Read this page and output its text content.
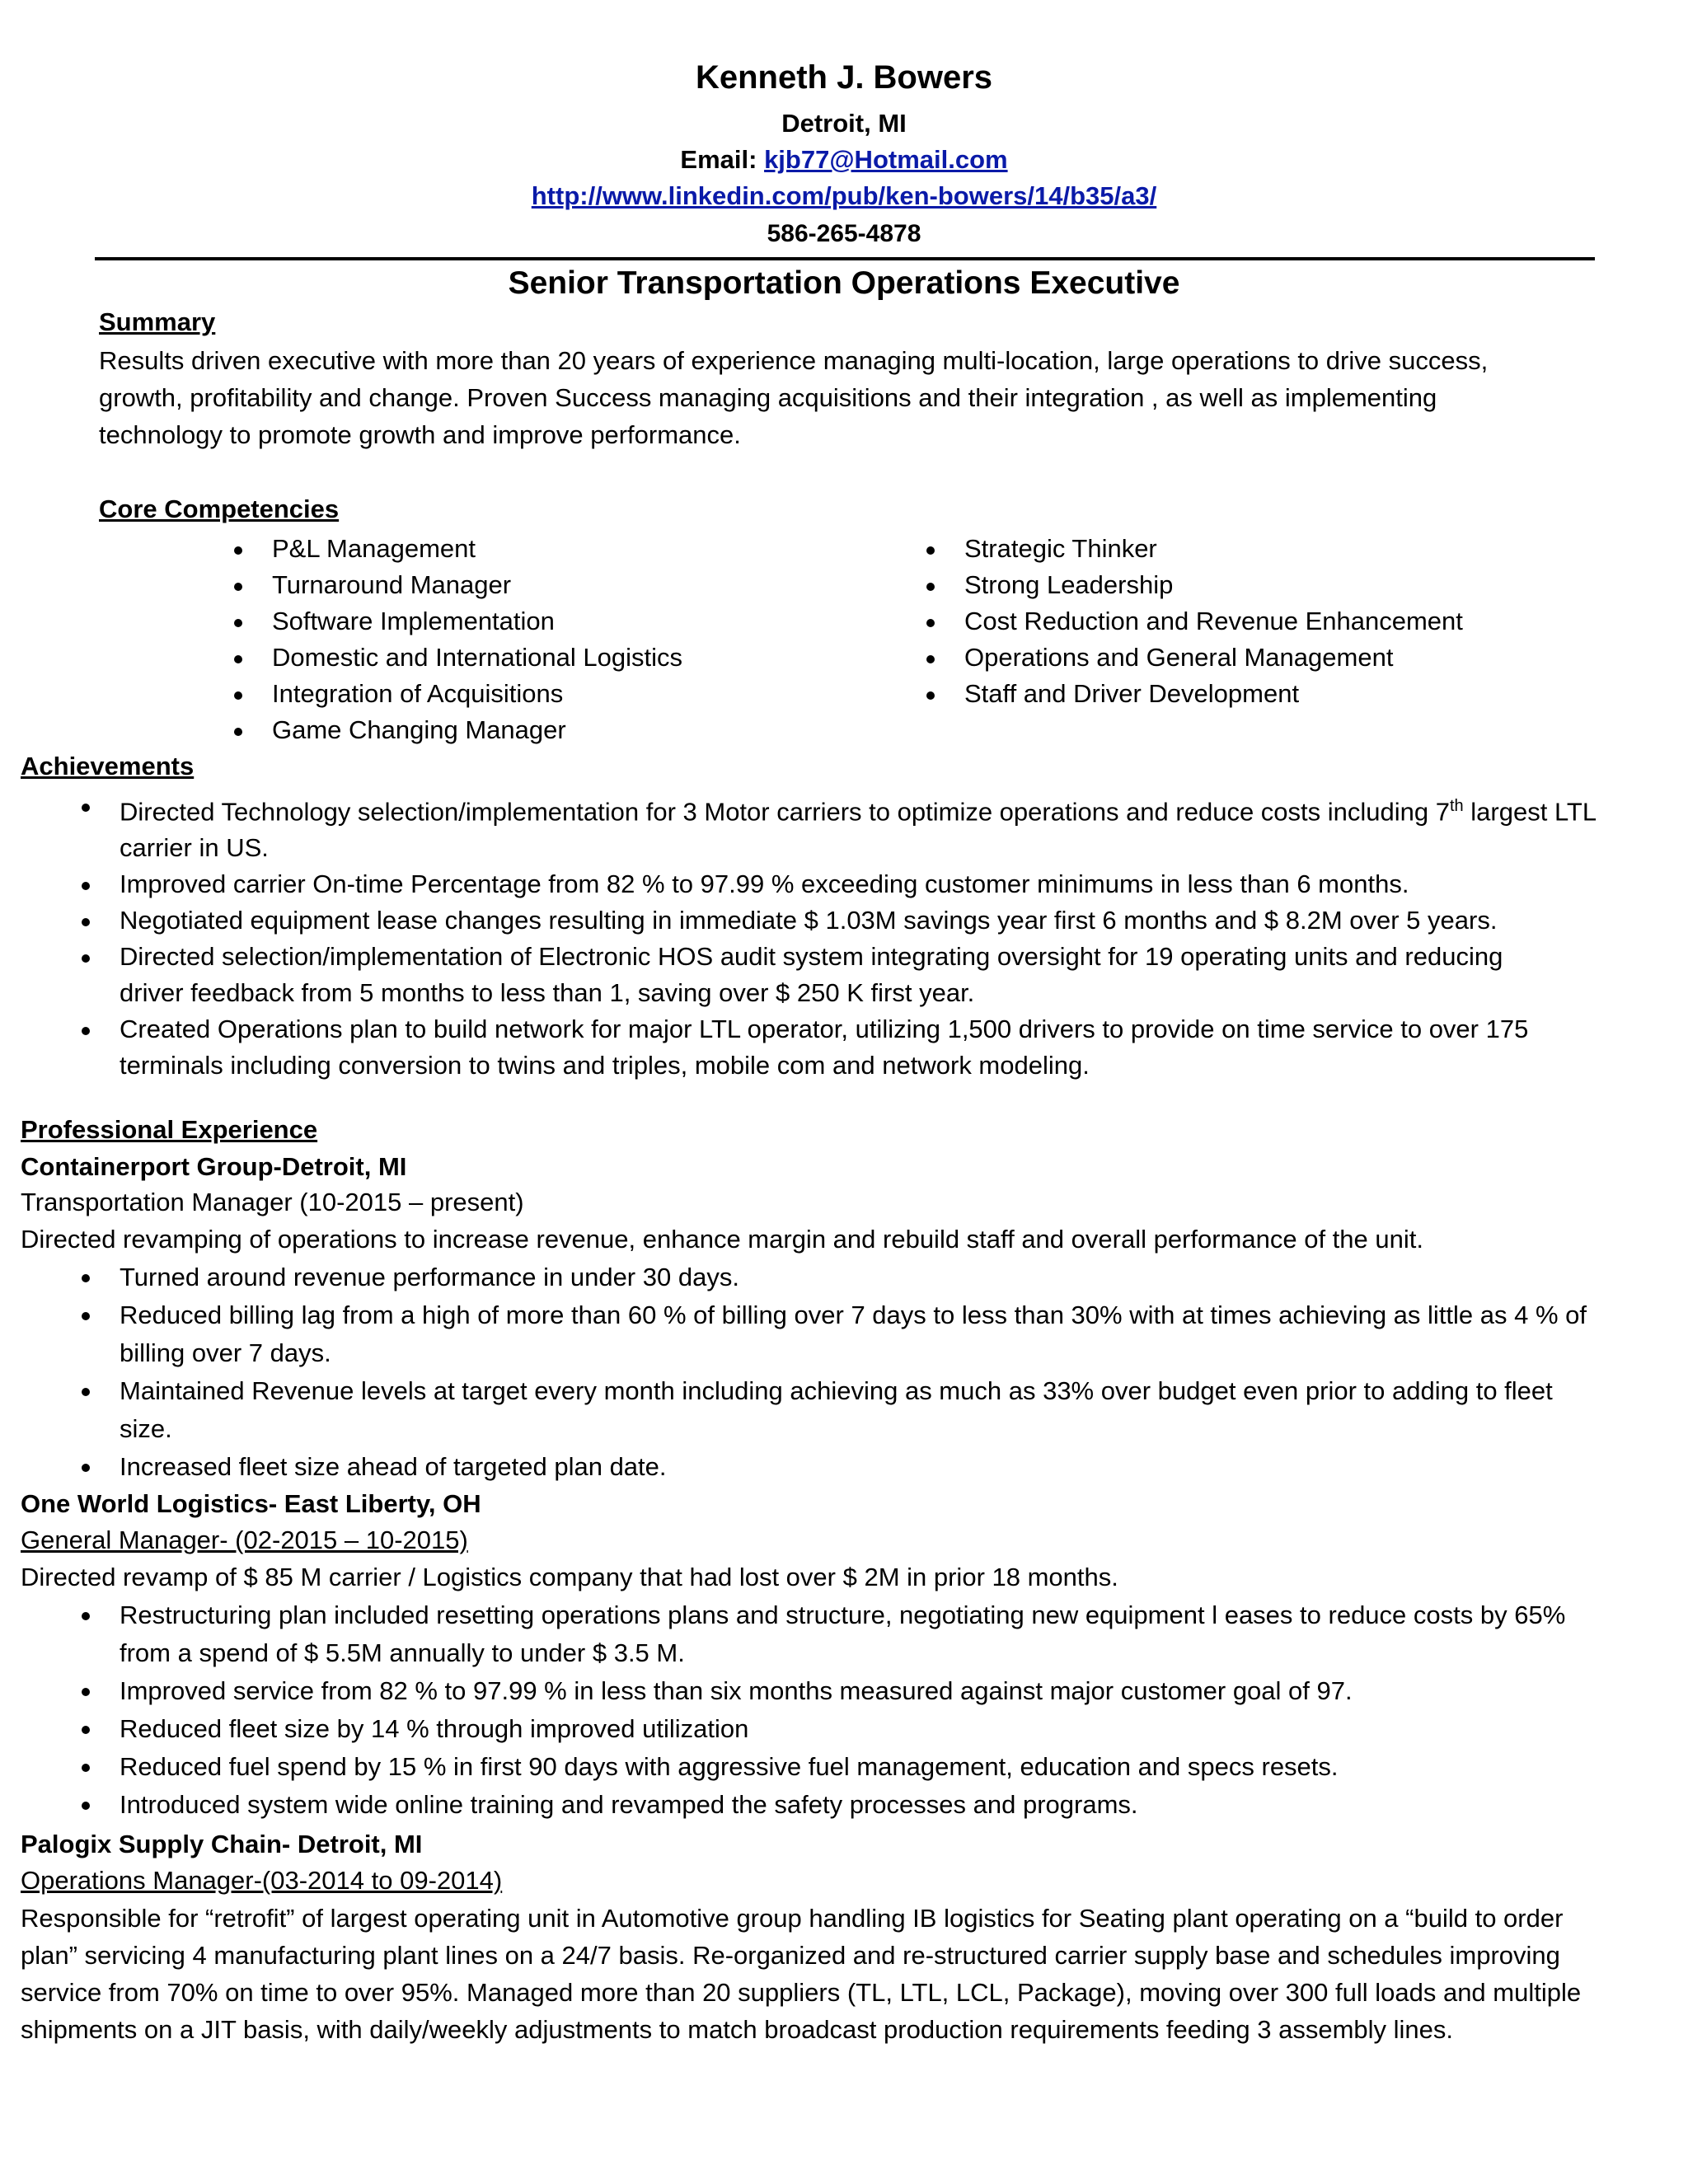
Kenneth J. Bowers
Detroit, MI
Email: kjb77@Hotmail.com
http://www.linkedin.com/pub/ken-bowers/14/b35/a3/
586-265-4878
Senior Transportation Operations Executive
Summary
Results driven executive with more than 20 years of experience managing multi-location, large operations to drive success, growth, profitability and change. Proven Success managing acquisitions and their integration , as well as implementing technology to promote growth and improve performance.
Core Competencies
P&L Management
Turnaround Manager
Software Implementation
Domestic and International Logistics
Integration of Acquisitions
Game Changing Manager
Strategic Thinker
Strong Leadership
Cost Reduction and Revenue Enhancement
Operations and General Management
Staff and Driver Development
Achievements
Directed Technology selection/implementation for 3 Motor carriers to optimize operations and reduce costs including 7th largest LTL carrier in US.
Improved carrier On-time Percentage from 82 % to 97.99 % exceeding customer minimums in less than 6 months.
Negotiated equipment lease changes resulting in immediate $ 1.03M savings year first 6 months and $ 8.2M over 5 years.
Directed selection/implementation of Electronic HOS audit system integrating oversight for 19 operating units and reducing driver feedback from 5 months to less than 1, saving over $ 250 K first year.
Created Operations plan to build network for major LTL operator, utilizing 1,500 drivers to provide on time service to over 175 terminals including conversion to twins and triples, mobile com and network modeling.
Professional Experience
Containerport Group-Detroit, MI
Transportation Manager (10-2015 – present)
Directed revamping of operations to increase revenue, enhance margin and rebuild staff and overall performance of the unit.
Turned around revenue performance in under 30 days.
Reduced billing lag from a high of more than 60 % of billing over 7 days to less than 30% with at times achieving as little as 4 % of billing over 7 days.
Maintained Revenue levels at target every month including achieving as much as 33% over budget even prior to adding to fleet size.
Increased fleet size ahead of targeted plan date.
One World Logistics- East Liberty, OH
General Manager- (02-2015 – 10-2015)
Directed revamp of $ 85 M carrier / Logistics company that had lost over $ 2M in prior 18 months.
Restructuring plan included resetting operations plans and structure, negotiating new equipment l eases to reduce costs by 65% from a spend of $ 5.5M annually to under $ 3.5 M.
Improved service from 82 % to 97.99 % in less than six months measured against major customer goal of 97.
Reduced fleet size by 14 % through improved utilization
Reduced fuel spend by 15 % in first 90 days with aggressive fuel management, education and specs resets.
Introduced system wide online training and revamped the safety processes and programs.
Palogix Supply Chain- Detroit, MI
Operations Manager-(03-2014 to 09-2014)
Responsible for “retrofit” of largest operating unit in Automotive group handling IB logistics for Seating plant operating on a “build to order plan” servicing 4 manufacturing plant lines on a 24/7 basis. Re-organized and re-structured carrier supply base and schedules improving service from 70% on time to over 95%. Managed more than 20 suppliers (TL, LTL, LCL, Package), moving over 300 full loads and multiple shipments on a JIT basis, with daily/weekly adjustments to match broadcast production requirements feeding 3 assembly lines.
